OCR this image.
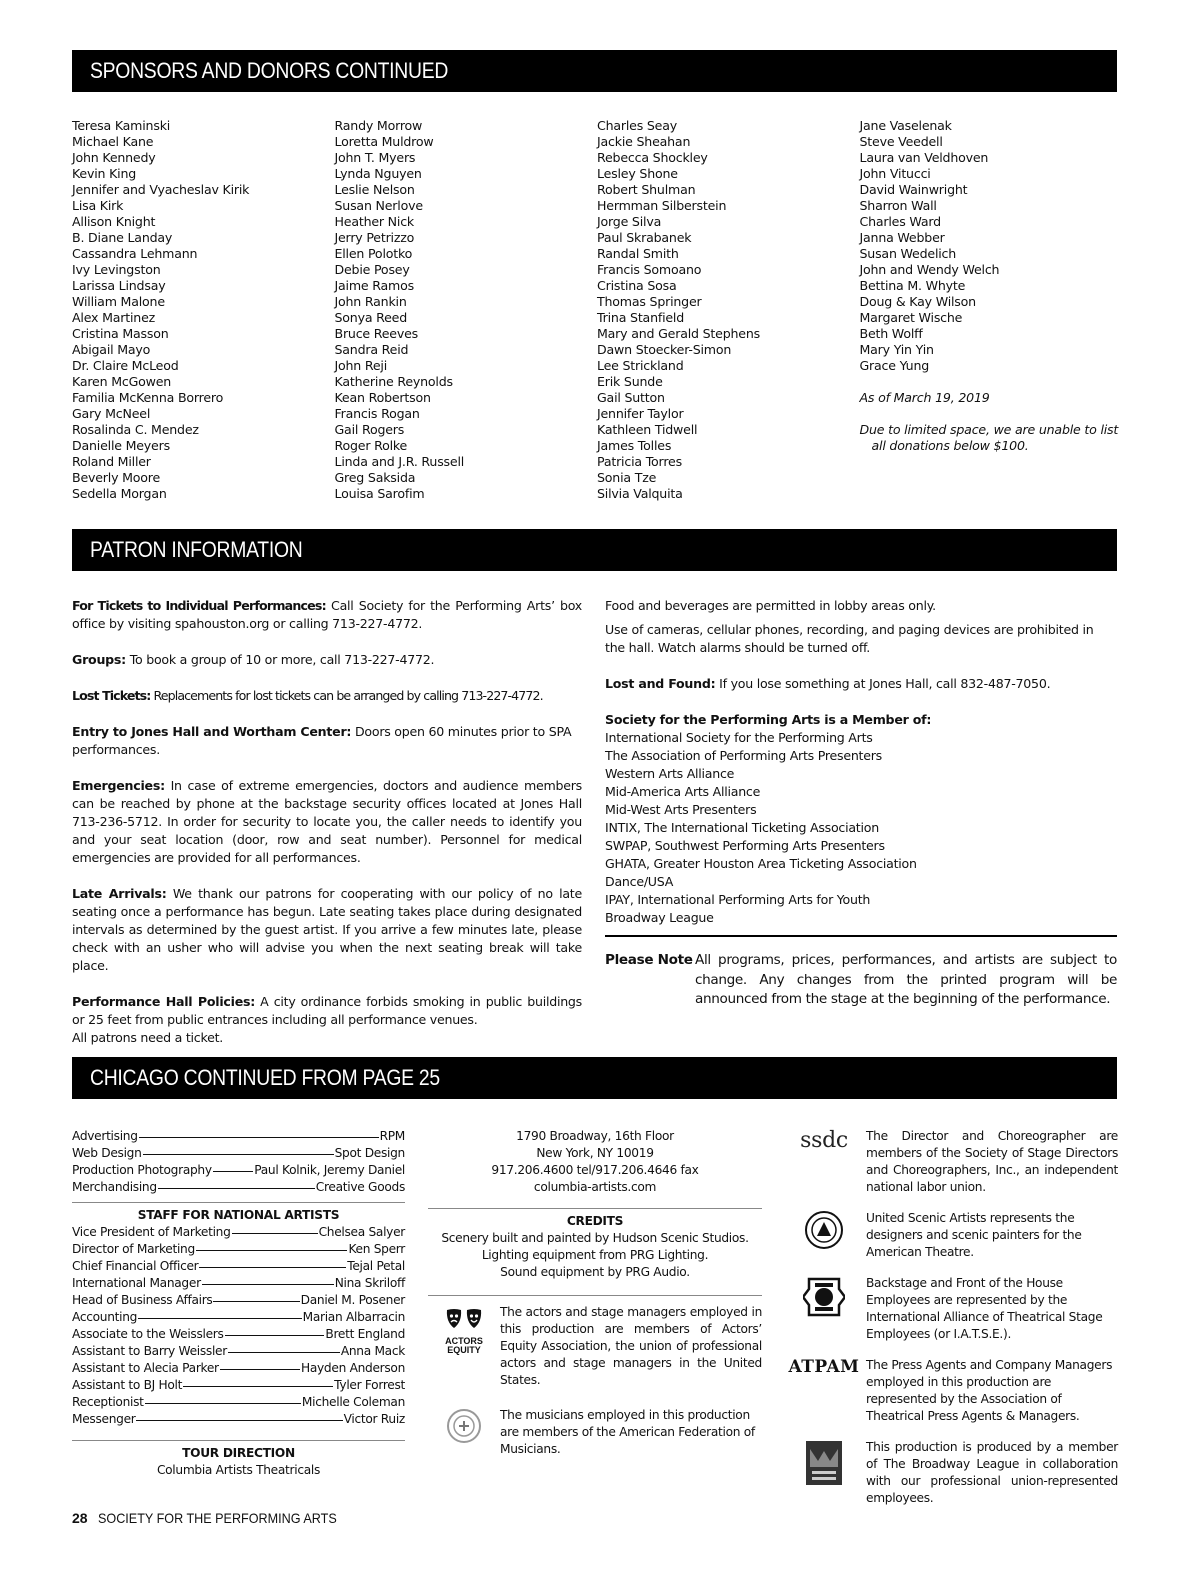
SPONSORS AND DONORS CONTINUED
Teresa Kaminski
Michael Kane
John Kennedy
Kevin King
Jennifer and Vyacheslav Kirik
Lisa Kirk
Allison Knight
B. Diane Landay
Cassandra Lehmann
Ivy Levingston
Larissa Lindsay
William Malone
Alex Martinez
Cristina Masson
Abigail Mayo
Dr. Claire McLeod
Karen McGowen
Familia McKenna Borrero
Gary McNeel
Rosalinda C. Mendez
Danielle Meyers
Roland Miller
Beverly Moore
Sedella Morgan
Randy Morrow
Loretta Muldrow
John T. Myers
Lynda Nguyen
Leslie Nelson
Susan Nerlove
Heather Nick
Jerry Petrizzo
Ellen Polotko
Debie Posey
Jaime Ramos
John Rankin
Sonya Reed
Bruce Reeves
Sandra Reid
John Reji
Katherine Reynolds
Kean Robertson
Francis Rogan
Gail Rogers
Roger Rolke
Linda and J.R. Russell
Greg Saksida
Louisa Sarofim
Charles Seay
Jackie Sheahan
Rebecca Shockley
Lesley Shone
Robert Shulman
Hermman Silberstein
Jorge Silva
Paul Skrabanek
Randal Smith
Francis Somoano
Cristina Sosa
Thomas Springer
Trina Stanfield
Mary and Gerald Stephens
Dawn Stoecker-Simon
Lee Strickland
Erik Sunde
Gail Sutton
Jennifer Taylor
Kathleen Tidwell
James Tolles
Patricia Torres
Sonia Tze
Silvia Valquita
Jane Vaselenak
Steve Veedell
Laura van Veldhoven
John Vitucci
David Wainwright
Sharron Wall
Charles Ward
Janna Webber
Susan Wedelich
John and Wendy Welch
Bettina M. Whyte
Doug & Kay Wilson
Margaret Wische
Beth Wolff
Mary Yin Yin
Grace Yung
As of March 19, 2019
Due to limited space, we are unable to list
all donations below $100.
PATRON INFORMATION

For Tickets to Individual Performances: Call Society for the Performing Arts’ box office by visiting spahouston.org or calling 713-227-4772.

Groups: To book a group of 10 or more, call 713-227-4772.

Lost Tickets: Replacements for lost tickets can be arranged by calling 713-227-4772.

Entry to Jones Hall and Wortham Center: Doors open 60 minutes prior to SPA performances.

Emergencies: In case of extreme emergencies, doctors and audience members can be reached by phone at the backstage security offices located at Jones Hall 713-236-5712. In order for security to locate you, the caller needs to identify you and your seat location (door, row and seat number). Personnel for medical emergencies are provided for all performances.

Late Arrivals: We thank our patrons for cooperating with our policy of no late seating once a performance has begun. Late seating takes place during designated intervals as determined by the guest artist. If you arrive a few minutes late, please check with an usher who will advise you when the next seating break will take place.

Performance Hall Policies: A city ordinance forbids smoking in public buildings or 25 feet from public entrances including all performance venues.
All patrons need a ticket.

Food and beverages are permitted in lobby areas only.

Use of cameras, cellular phones, recording, and paging devices are prohibited in the hall. Watch alarms should be turned off.

Lost and Found: If you lose something at Jones Hall, call 832-487-7050.

Society for the Performing Arts is a Member of:

International Society for the Performing Arts
The Association of Performing Arts Presenters
Western Arts Alliance
Mid-America Arts Alliance
Mid-West Arts Presenters
INTIX, The International Ticketing Association
SWPAP, Southwest Performing Arts Presenters
GHATA, Greater Houston Area Ticketing Association
Dance/USA
IPAY, International Performing Arts for Youth
Broadway League
Please Note All programs, prices, performances, and artists are subject to change. Any changes from the printed program will be announced from the stage at the beginning of the performance.
CHICAGO CONTINUED FROM PAGE 25
Advertising	RPM
Web Design	Spot Design
Production Photography	Paul Kolnik, Jeremy Daniel
Merchandising	Creative Goods
STAFF FOR NATIONAL ARTISTS
Vice President of Marketing	Chelsea Salyer
Director of Marketing	Ken Sperr
Chief Financial Officer	Tejal Petal
International Manager	Nina Skriloff
Head of Business Affairs	Daniel M. Posener
Accounting	Marian Albarracin
Associate to the Weisslers	Brett England
Assistant to Barry Weissler	Anna Mack
Assistant to Alecia Parker	Hayden Anderson
Assistant to BJ Holt	Tyler Forrest
Receptionist	Michelle Coleman
Messenger	Victor Ruiz
TOUR DIRECTION
Columbia Artists Theatricals
1790 Broadway, 16th Floor
New York, NY 10019
917.206.4600 tel/917.206.4646 fax
columbia-artists.com
CREDITS
Scenery built and painted by Hudson Scenic Studios.
Lighting equipment from PRG Lighting.
Sound equipment by PRG Audio.
ACTORS EQUITY
The actors and stage managers employed in this production are members of Actors’ Equity Association, the union of professional actors and stage managers in the United States.
The musicians employed in this production are members of the American Federation of Musicians.
ssdc The Director and Choreographer are members of the Society of Stage Directors and Choreographers, Inc., an independent national labor union.
United Scenic Artists represents the designers and scenic painters for the American Theatre.
Backstage and Front of the House Employees are represented by the International Alliance of Theatrical Stage Employees (or I.A.T.S.E.).
ATPAM The Press Agents and Company Managers employed in this production are represented by the Association of Theatrical Press Agents & Managers.
This production is produced by a member of The Broadway League in collaboration with our professional union-represented employees.
28 SOCIETY FOR THE PERFORMING ARTS
